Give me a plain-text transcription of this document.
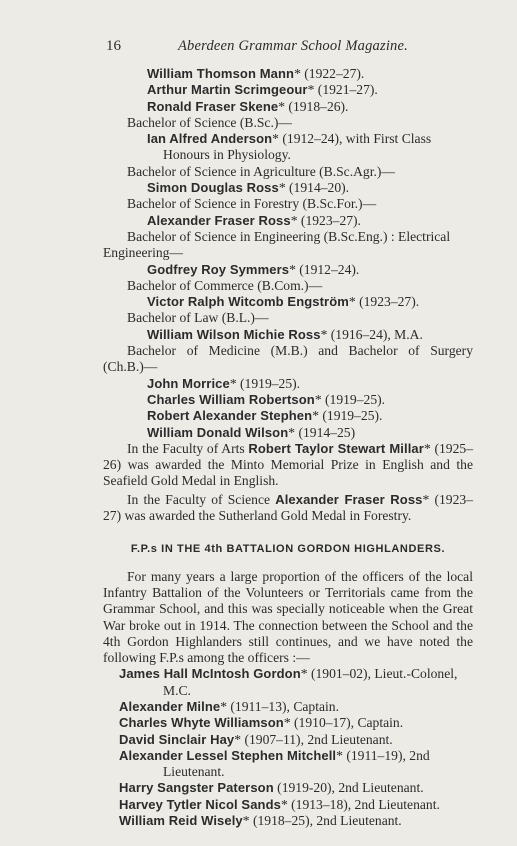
16	Aberdeen Grammar School Magazine.

William Thomson Mann* (1922–27).

Arthur Martin Scrimgeour* (1921–27).

Ronald Fraser Skene* (1918–26).

Bachelor of Science (B.Sc.)—

Ian Alfred Anderson* (1912–24), with First Class

Honours in Physiology.

Bachelor of Science in Agriculture (B.Sc.Agr.)—

Simon Douglas Ross* (1914–20).

Bachelor of Science in Forestry (B.Sc.For.)—

Alexander Fraser Ross* (1923–27).

Bachelor of Science in Engineering (B.Sc.Eng.) : Electrical

Engineering—

Godfrey Roy Symmers* (1912–24).

Bachelor of Commerce (B.Com.)—

Victor Ralph Witcomb Engström* (1923–27).

Bachelor of Law (B.L.)—

William Wilson Michie Ross* (1916–24), M.A.

Bachelor of Medicine (M.B.) and Bachelor of Surgery

(Ch.B.)—

John Morrice* (1919–25).

Charles William Robertson* (1919–25).

Robert Alexander Stephen* (1919–25).

William Donald Wilson* (1914–25)

In the Faculty of Arts Robert Taylor Stewart Millar* (1925–26) was awarded the Minto Memorial Prize in English and the Seafield Gold Medal in English.

In the Faculty of Science Alexander Fraser Ross* (1923–27) was awarded the Sutherland Gold Medal in Forestry.

F.P.s IN THE 4th BATTALION GORDON HIGHLANDERS.

For many years a large proportion of the officers of the local Infantry Battalion of the Volunteers or Territorials came from the Grammar School, and this was specially noticeable when the Great War broke out in 1914. The connection between the School and the 4th Gordon Highlanders still continues, and we have noted the following F.P.s among the officers :—

James Hall McIntosh Gordon* (1901–02), Lieut.-Colonel, M.C.

Alexander Milne* (1911–13), Captain.

Charles Whyte Williamson* (1910–17), Captain.

David Sinclair Hay* (1907–11), 2nd Lieutenant.

Alexander Lessel Stephen Mitchell* (1911–19), 2nd Lieutenant.

Harry Sangster Paterson (1919-20), 2nd Lieutenant.

Harvey Tytler Nicol Sands* (1913–18), 2nd Lieutenant.

William Reid Wisely* (1918–25), 2nd Lieutenant.
